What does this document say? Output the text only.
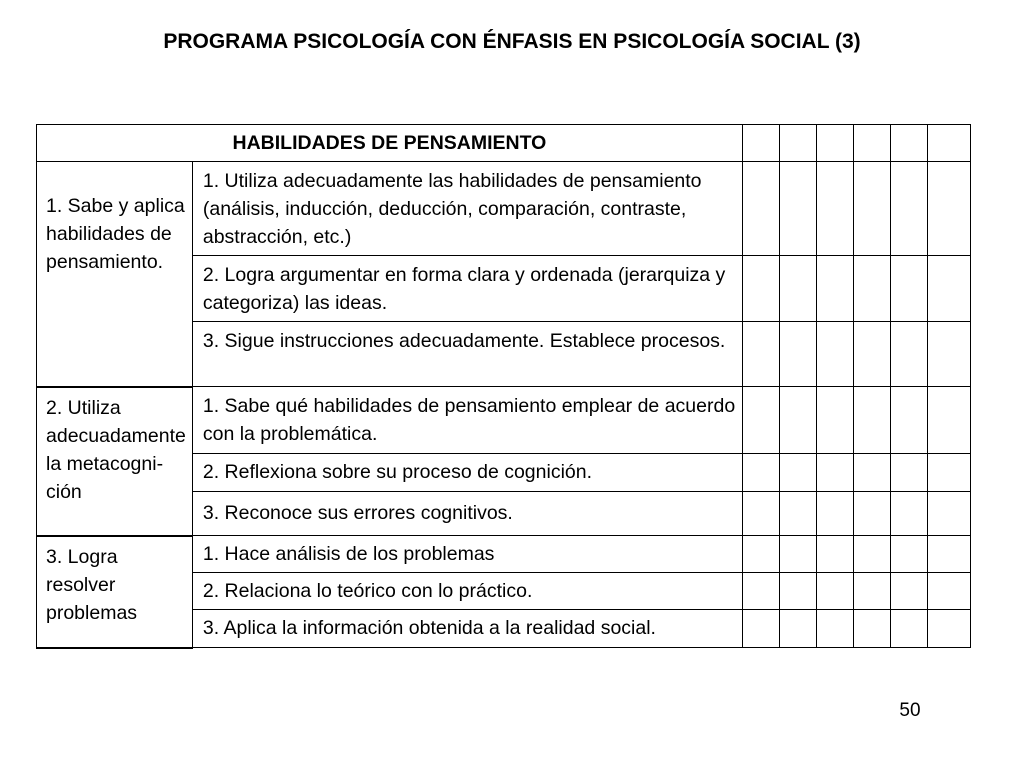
PROGRAMA PSICOLOGÍA CON ÉNFASIS EN PSICOLOGÍA SOCIAL (3)
HABILIDADES DE PENSAMIENTO							
1. Sabe y aplica habilidades de pensamiento.	1. Utiliza adecuadamente las habilidades de pensamiento (análisis, inducción, deducción, comparación, contraste, abstracción, etc.)						
	2. Logra argumentar en forma clara y ordenada (jerarquiza y categoriza) las ideas.						
	3. Sigue instrucciones adecuadamente. Establece procesos.						
2. Utiliza adecuadamente la metacogni-ción	1. Sabe qué habilidades de pensamiento emplear de acuerdo con la problemática.						
	2. Reflexiona sobre su proceso de cognición.						
	3. Reconoce sus errores cognitivos.						
3. Logra resolver problemas	1. Hace análisis de los problemas						
	2. Relaciona lo teórico con lo práctico.						
	3. Aplica la información obtenida a la realidad social.						
50
